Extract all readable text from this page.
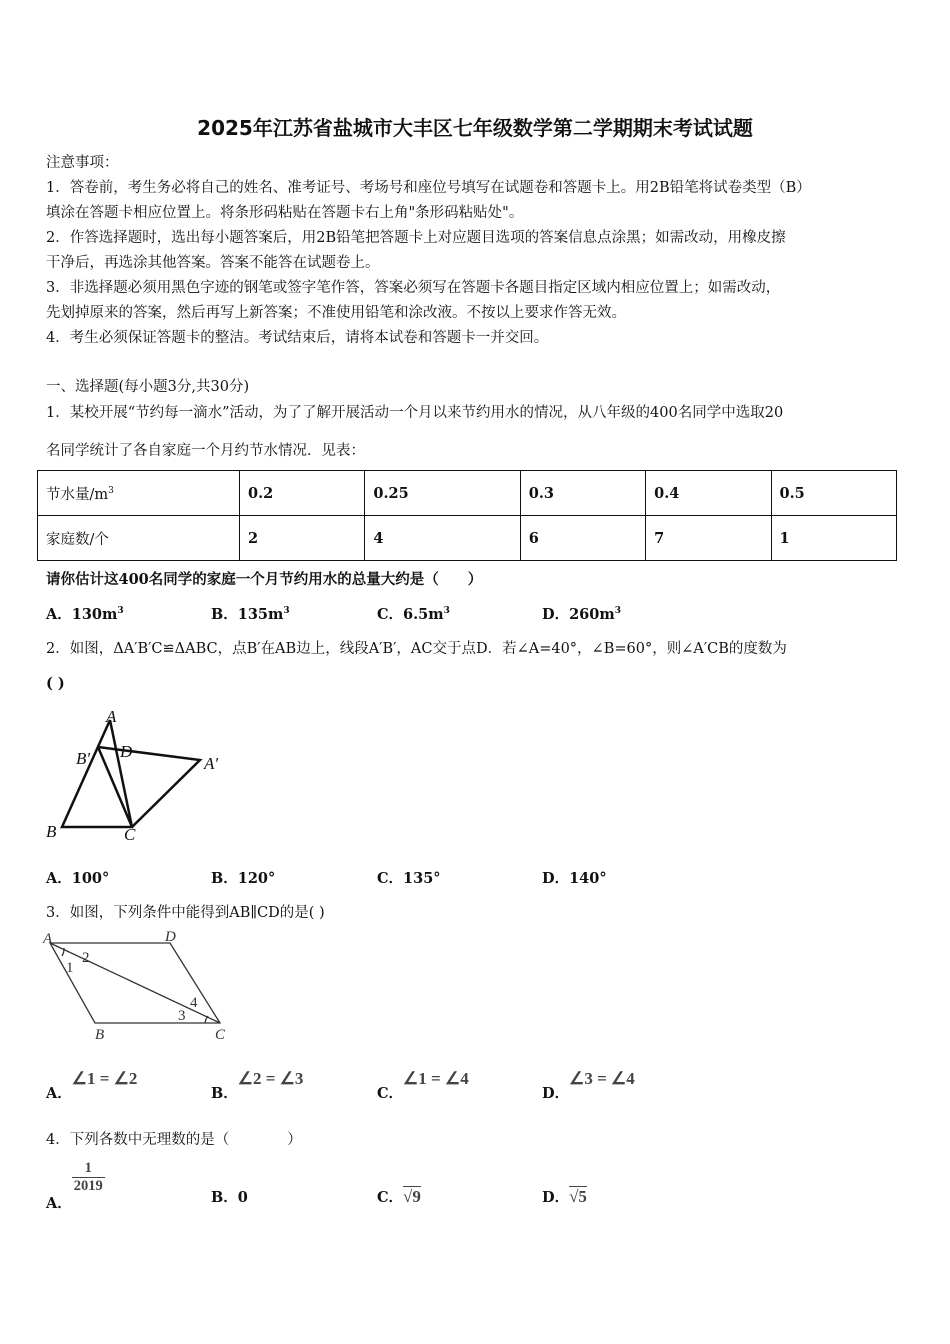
2025年江苏省盐城市大丰区七年级数学第二学期期末考试试题
注意事项：
1．答卷前，考生务必将自己的姓名、准考证号、考场号和座位号填写在试题卷和答题卡上。用2B铅笔将试卷类型（B）
填涂在答题卡相应位置上。将条形码粘贴在答题卡右上角"条形码粘贴处"。
2．作答选择题时，选出每小题答案后，用2B铅笔把答题卡上对应题目选项的答案信息点涂黑；如需改动，用橡皮擦
干净后，再选涂其他答案。答案不能答在试题卷上。
3．非选择题必须用黑色字迹的钢笔或签字笔作答，答案必须写在答题卡各题目指定区域内相应位置上；如需改动，
先划掉原来的答案，然后再写上新答案；不准使用铅笔和涂改液。不按以上要求作答无效。
4．考生必须保证答题卡的整洁。考试结束后，请将本试卷和答题卡一并交回。
一、选择题(每小题3分,共30分)
1．某校开展“节约每一滴水”活动，为了了解开展活动一个月以来节约用水的情况，从八年级的400名同学中选取20
名同学统计了各自家庭一个月约节水情况．见表：
节水量$/m^3$	0.2	0.25	0.3	0.4	0.5
家庭数/个	2	4	6	7	1
请你估计这400名同学的家庭一个月节约用水的总量大约是（　　）
A．$130m^3$	B．$135m^3$	C．$6.5m^3$	D．$260m^3$
2．如图，ΔA′B′C≌ΔABC，点B′在AB边上，线段A′B′，AC交于点D．若∠A=40°，∠B=60°，则∠A′CB的度数为
( )
A
B′ D
A′
B	C
A．100°	B．120°	C．135°	D．140°
3．如图，下列条件中能得到AB∥CD的是( )
A	D
B	C
1
2
3
4
A．∠1 = ∠2
B．∠2 = ∠3
C．∠1 = ∠4
D．∠3 = ∠4
4．下列各数中无理数的是（　　　　）
A．
$\frac{1}{2019}$
B．0	C．√9	D．√5
